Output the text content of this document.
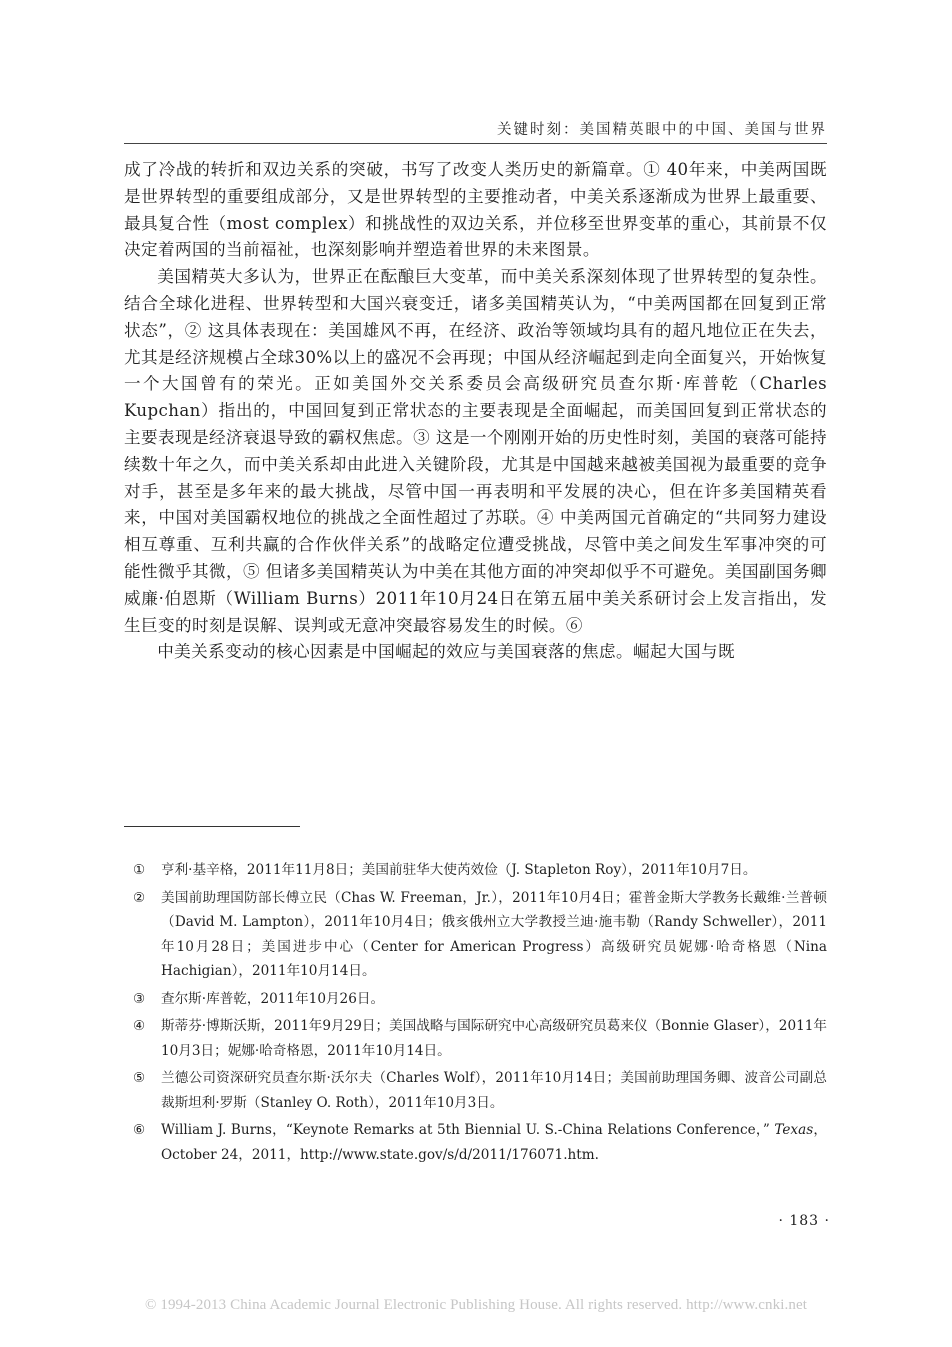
关键时刻：美国精英眼中的中国、美国与世界

成了冷战的转折和双边关系的突破，书写了改变人类历史的新篇章。① 40年来，中美两国既是世界转型的重要组成部分，又是世界转型的主要推动者，中美关系逐渐成为世界上最重要、最具复合性（most complex）和挑战性的双边关系，并位移至世界变革的重心，其前景不仅决定着两国的当前福祉，也深刻影响并塑造着世界的未来图景。

美国精英大多认为，世界正在酝酿巨大变革，而中美关系深刻体现了世界转型的复杂性。结合全球化进程、世界转型和大国兴衰变迁，诸多美国精英认为，“中美两国都在回复到正常状态”，② 这具体表现在：美国雄风不再，在经济、政治等领域均具有的超凡地位正在失去，尤其是经济规模占全球30%以上的盛况不会再现；中国从经济崛起到走向全面复兴，开始恢复一个大国曾有的荣光。正如美国外交关系委员会高级研究员查尔斯·库普乾（Charles Kupchan）指出的，中国回复到正常状态的主要表现是全面崛起，而美国回复到正常状态的主要表现是经济衰退导致的霸权焦虑。③ 这是一个刚刚开始的历史性时刻，美国的衰落可能持续数十年之久，而中美关系却由此进入关键阶段，尤其是中国越来越被美国视为最重要的竞争对手，甚至是多年来的最大挑战，尽管中国一再表明和平发展的决心，但在许多美国精英看来，中国对美国霸权地位的挑战之全面性超过了苏联。④ 中美两国元首确定的“共同努力建设相互尊重、互利共赢的合作伙伴关系”的战略定位遭受挑战，尽管中美之间发生军事冲突的可能性微乎其微，⑤ 但诸多美国精英认为中美在其他方面的冲突却似乎不可避免。美国副国务卿威廉·伯恩斯（William Burns）2011年10月24日在第五届中美关系研讨会上发言指出，发生巨变的时刻是误解、误判或无意冲突最容易发生的时候。⑥

中美关系变动的核心因素是中国崛起的效应与美国衰落的焦虑。崛起大国与既

①	亨利·基辛格，2011年11月8日；美国前驻华大使芮效俭（J. Stapleton Roy），2011年10月7日。
②	美国前助理国防部长傅立民（Chas W. Freeman，Jr.），2011年10月4日；霍普金斯大学教务长戴维·兰普顿（David M. Lampton），2011年10月4日；俄亥俄州立大学教授兰迪·施韦勒（Randy Schweller），2011年10月28日；美国进步中心（Center for American Progress）高级研究员妮娜·哈奇格恩（Nina Hachigian），2011年10月14日。
③	查尔斯·库普乾，2011年10月26日。
④	斯蒂芬·博斯沃斯，2011年9月29日；美国战略与国际研究中心高级研究员葛来仪（Bonnie Glaser），2011年10月3日；妮娜·哈奇格恩，2011年10月14日。
⑤	兰德公司资深研究员查尔斯·沃尔夫（Charles Wolf），2011年10月14日；美国前助理国务卿、波音公司副总裁斯坦利·罗斯（Stanley O. Roth），2011年10月3日。
⑥	William J. Burns，“Keynote Remarks at 5th Biennial U. S.-China Relations Conference，” Texas，October 24，2011，http://www.state.gov/s/d/2011/176071.htm.
· 183 ·
© 1994-2013 China Academic Journal Electronic Publishing House. All rights reserved. http://www.cnki.net
